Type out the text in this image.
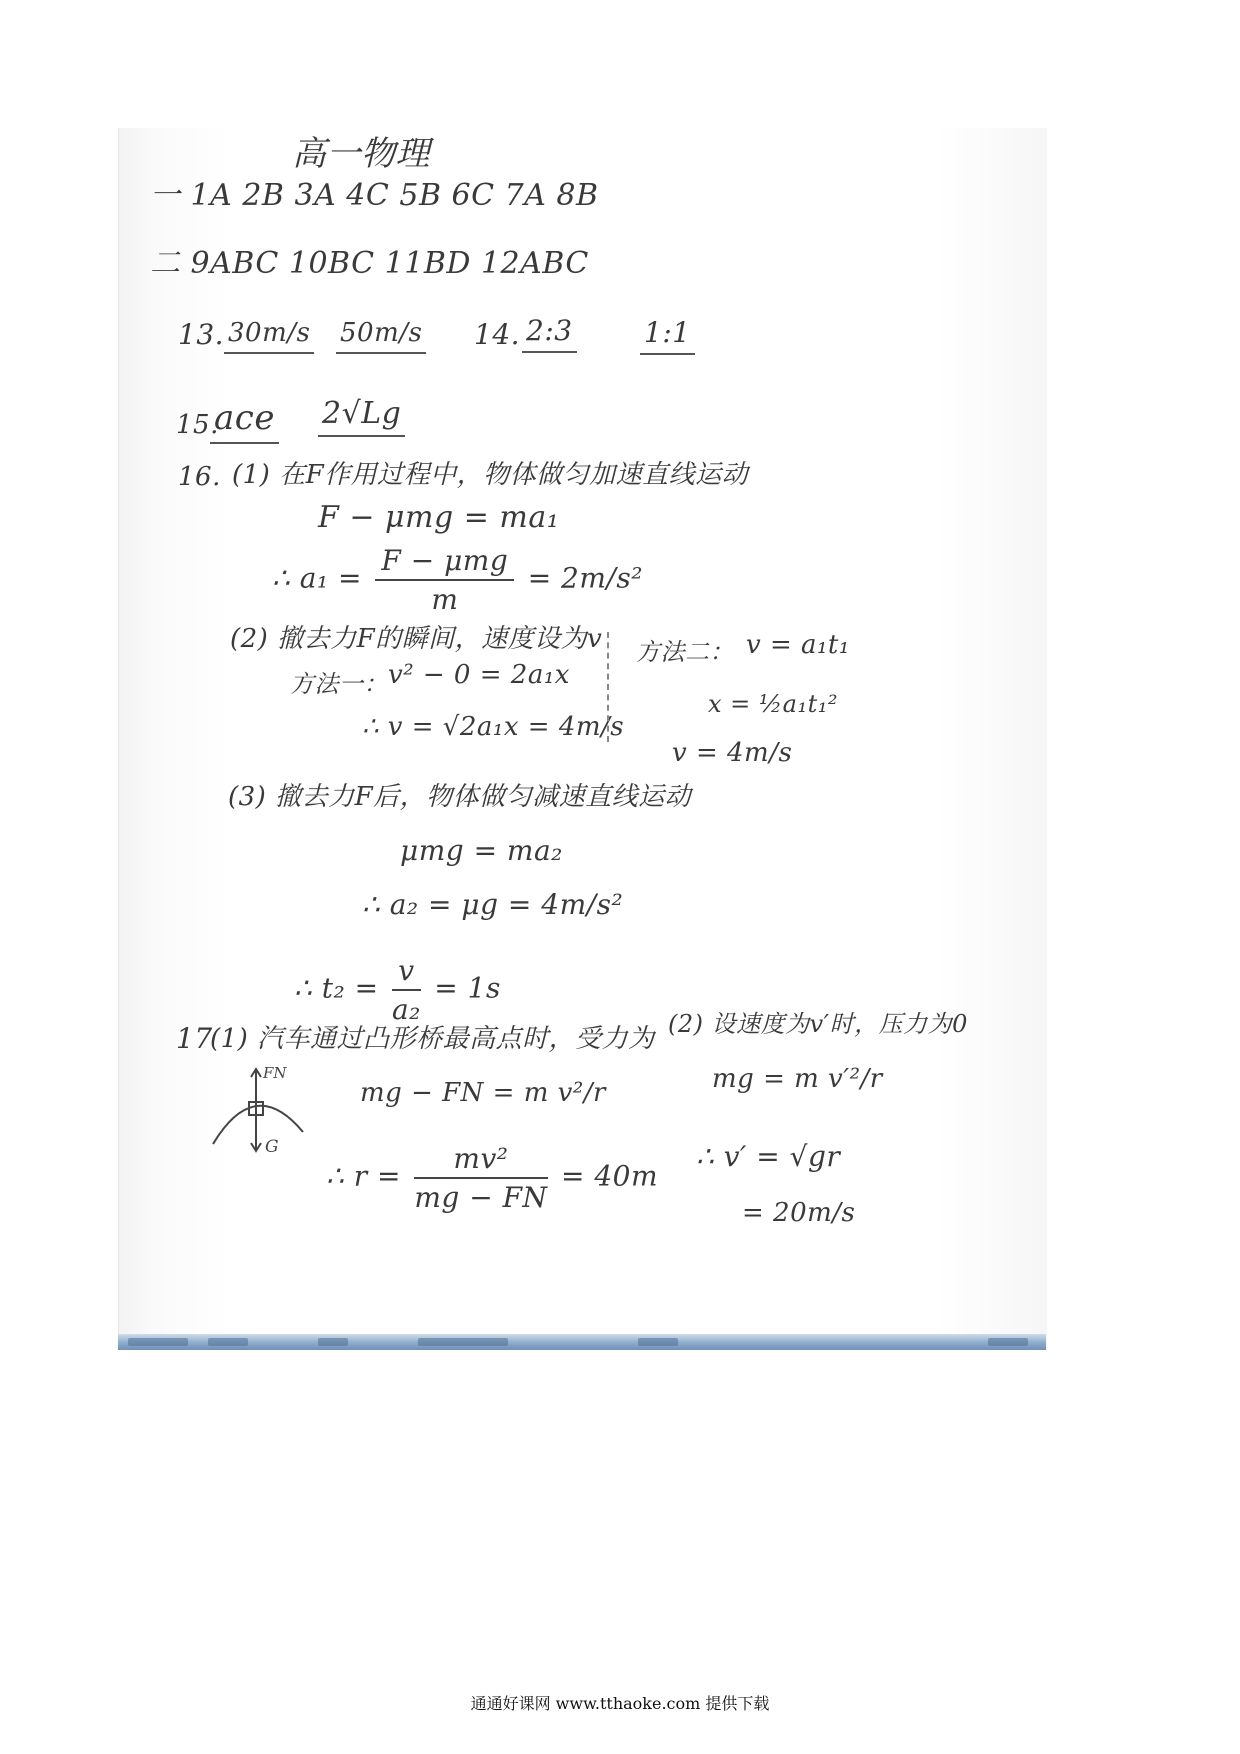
高一物理
一 1A 2B 3A 4C 5B 6C 7A 8B
二 9ABC 10BC 11BD 12ABC
13. 30m/s 50m/s 14. 2:3	1:1
15.
ace 2√Lg
16. (1) 在F作用过程中，物体做匀加速直线运动
F − μmg = ma₁
∴ $a_1 = \frac{\text{F − μmg}}{m} = 2m/s^2$
(2) 撤去力F的瞬间，速度设为v
方法一： v² − 0 = 2a₁x
∴ v = √2a₁x = 4m/s
方法二： v = a₁t₁
x = ½a₁t₁²
v = 4m/s
(3) 撤去力F后，物体做匀减速直线运动
μmg = ma₂
∴ a₂ = μg = 4m/s²
∴ $t_2 = \frac{v}{\text{a₂}} = 1s$
17
(1) 汽车通过凸形桥最高点时，受力为
FN
G
mg − FN = m v²/r
∴ $r = \frac{\text{mv²}}{mg - FN} = 40m$
(2) 设速度为v′时，压力为0
mg = m v′²/r
∴ v′ = √gr
= 20m/s
通通好课网 www.tthaoke.com 提供下载
